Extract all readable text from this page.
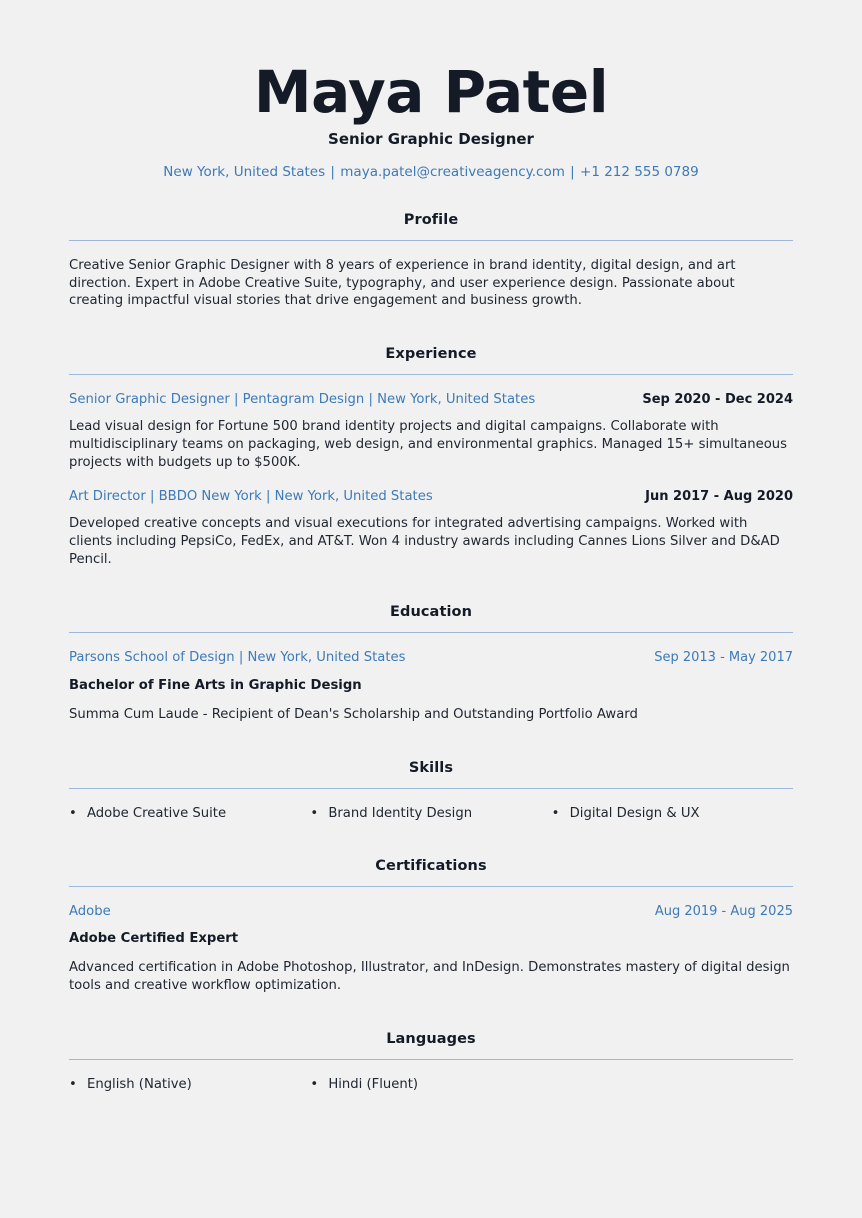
Maya Patel
Senior Graphic Designer
New York, United States | maya.patel@creativeagency.com | +1 212 555 0789
Profile

Creative Senior Graphic Designer with 8 years of experience in brand identity, digital design, and art direction. Expert in Adobe Creative Suite, typography, and user experience design. Passionate about creating impactful visual stories that drive engagement and business growth.

Experience
Senior Graphic Designer | Pentagram Design | New York, United States	Sep 2020 - Dec 2024

Lead visual design for Fortune 500 brand identity projects and digital campaigns. Collaborate with multidisciplinary teams on packaging, web design, and environmental graphics. Managed 15+ simultaneous projects with budgets up to $500K.

Art Director | BBDO New York | New York, United States	Jun 2017 - Aug 2020

Developed creative concepts and visual executions for integrated advertising campaigns. Worked with clients including PepsiCo, FedEx, and AT&T. Won 4 industry awards including Cannes Lions Silver and D&AD Pencil.

Education
Parsons School of Design | New York, United States	Sep 2013 - May 2017
Bachelor of Fine Arts in Graphic Design

Summa Cum Laude - Recipient of Dean's Scholarship and Outstanding Portfolio Award

Skills
• Adobe Creative Suite	• Brand Identity Design	• Digital Design & UX
Certifications
Adobe	Aug 2019 - Aug 2025
Adobe Certified Expert

Advanced certification in Adobe Photoshop, Illustrator, and InDesign. Demonstrates mastery of digital design tools and creative workflow optimization.

Languages
• English (Native)	• Hindi (Fluent)
